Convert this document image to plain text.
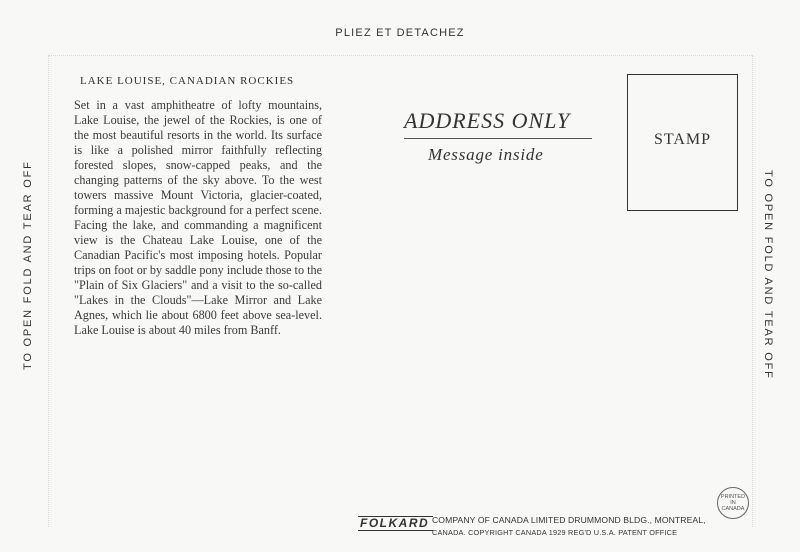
PLIEZ ET DETACHEZ
TO OPEN FOLD AND TEAR OFF	TO OPEN FOLD AND TEAR OFF
LAKE LOUISE, CANADIAN ROCKIES
Set in a vast amphitheatre of lofty mountains, Lake Louise, the jewel of the Rockies, is one of the most beautiful resorts in the world. Its surface is like a polished mirror faithfully reflecting forested slopes, snow-capped peaks, and the changing patterns of the sky above. To the west towers massive Mount Victoria, glacier-coated, forming a majestic background for a perfect scene. Facing the lake, and commanding a magnificent view is the Chateau Lake Louise, one of the Canadian Pacific's most imposing hotels. Popular trips on foot or by saddle pony include those to the "Plain of Six Glaciers" and a visit to the so-called "Lakes in the Clouds"—Lake Mirror and Lake Agnes, which lie about 6800 feet above sea-level. Lake Louise is about 40 miles from Banff.
ADDRESS ONLY
Message inside
STAMP
PRINTED
IN
CANADA
FOLKARD COMPANY OF CANADA LIMITED DRUMMOND BLDG., MONTREAL,
CANADA. COPYRIGHT CANADA 1929 REG'D U.S.A. PATENT OFFICE
